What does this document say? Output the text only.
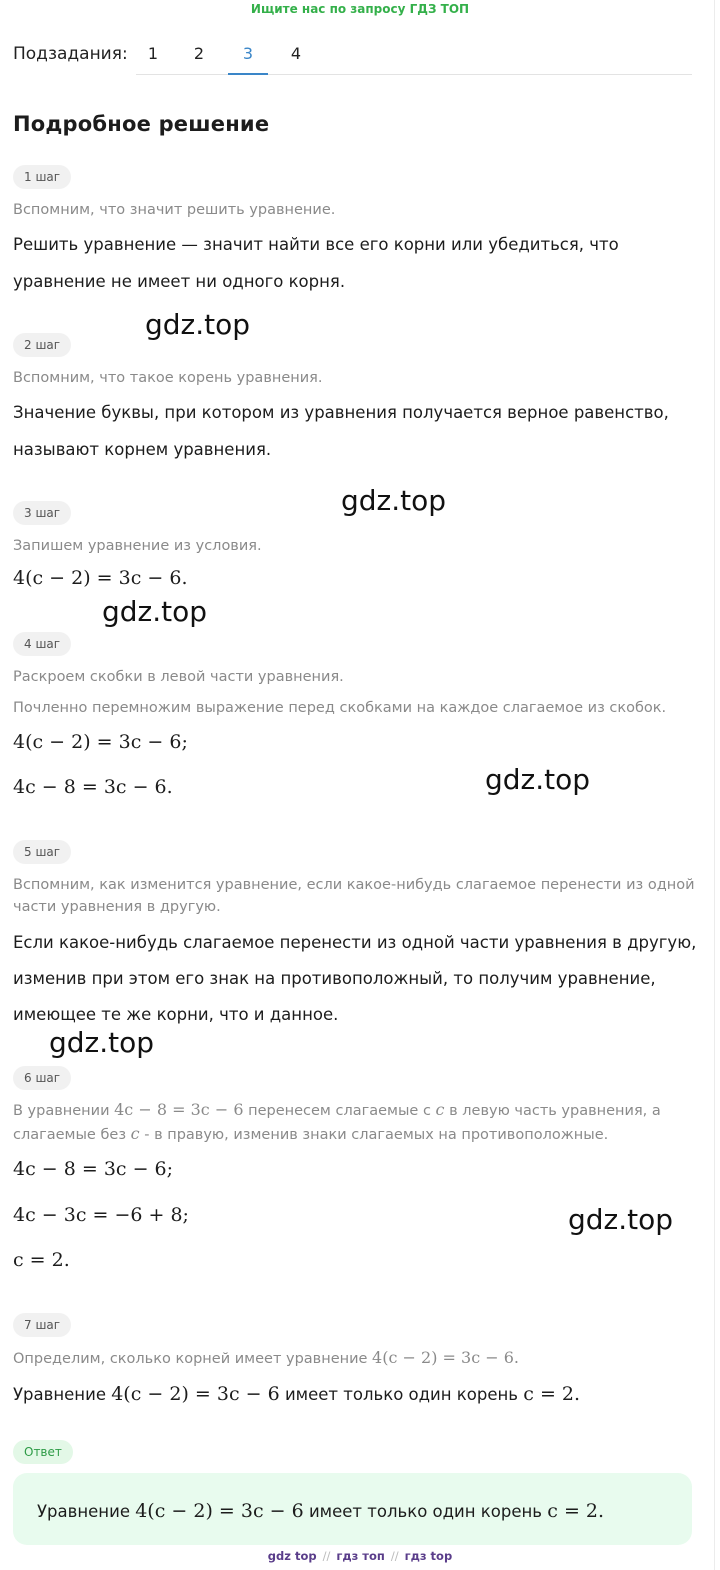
Ищите нас по запросу ГДЗ ТОП
Подзадания:	1	2	3	4
Подробное решение
1 шаг
Вспомним, что значит решить уравнение.
Решить уравнение — значит найти все его корни или убедиться, что
уравнение не имеет ни одного корня.
gdz.top
2 шаг
Вспомним, что такое корень уравнения.
Значение буквы, при котором из уравнения получается верное равенство,
называют корнем уравнения.
gdz.top
3 шаг
Запишем уравнение из условия.
4(c − 2) = 3c − 6.
gdz.top
4 шаг
Раскроем скобки в левой части уравнения.
Почленно перемножим выражение перед скобками на каждое слагаемое из скобок.
4(c − 2) = 3c − 6;
4c − 8 = 3c − 6.	gdz.top
5 шаг
Вспомним, как изменится уравнение, если какое-нибудь слагаемое перенести из одной
части уравнения в другую.
Если какое-нибудь слагаемое перенести из одной части уравнения в другую,
изменив при этом его знак на противоположный, то получим уравнение,
имеющее те же корни, что и данное.
gdz.top
6 шаг
В уравнении 4c − 8 = 3c − 6 перенесем слагаемые с c в левую часть уравнения, а
слагаемые без c - в правую, изменив знаки слагаемых на противоположные.
4c − 8 = 3c − 6;
4c − 3c = −6 + 8;
c = 2.
gdz.top
7 шаг
Определим, сколько корней имеет уравнение 4(c − 2) = 3c − 6.
Уравнение 4(c − 2) = 3c − 6 имеет только один корень c = 2.
Ответ
Уравнение 4(c − 2) = 3c − 6 имеет только один корень c = 2.
gdz top // гдз топ // гдз top
